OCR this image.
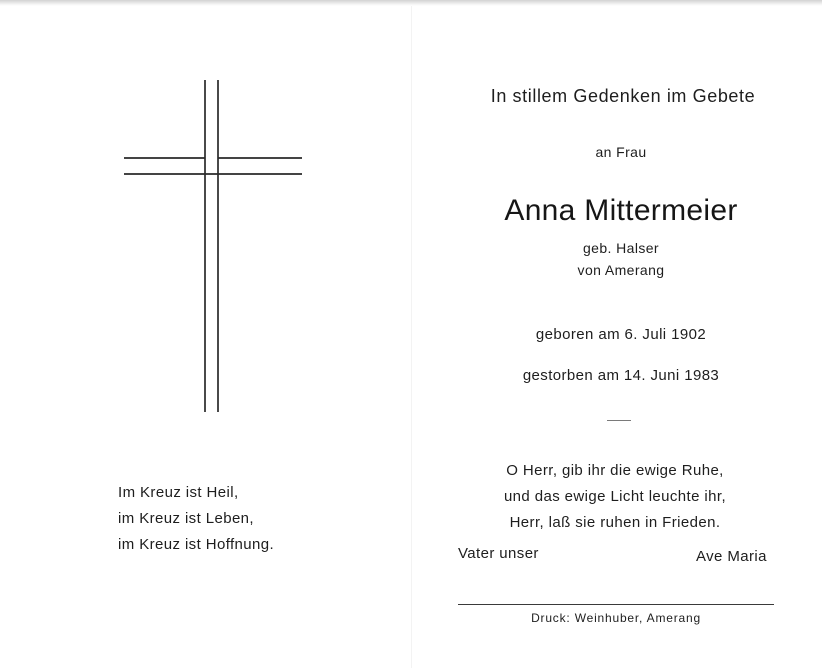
Im Kreuz ist Heil,
im Kreuz ist Leben,
im Kreuz ist Hoffnung.
In stillem Gedenken im Gebete
an Frau
Anna Mittermeier
geb. Halser
von Amerang
geboren am 6. Juli 1902
gestorben am 14. Juni 1983
O Herr, gib ihr die ewige Ruhe,
und das ewige Licht leuchte ihr,
Herr, laß sie ruhen in Frieden.
Vater unser	Ave Maria
Druck: Weinhuber, Amerang
